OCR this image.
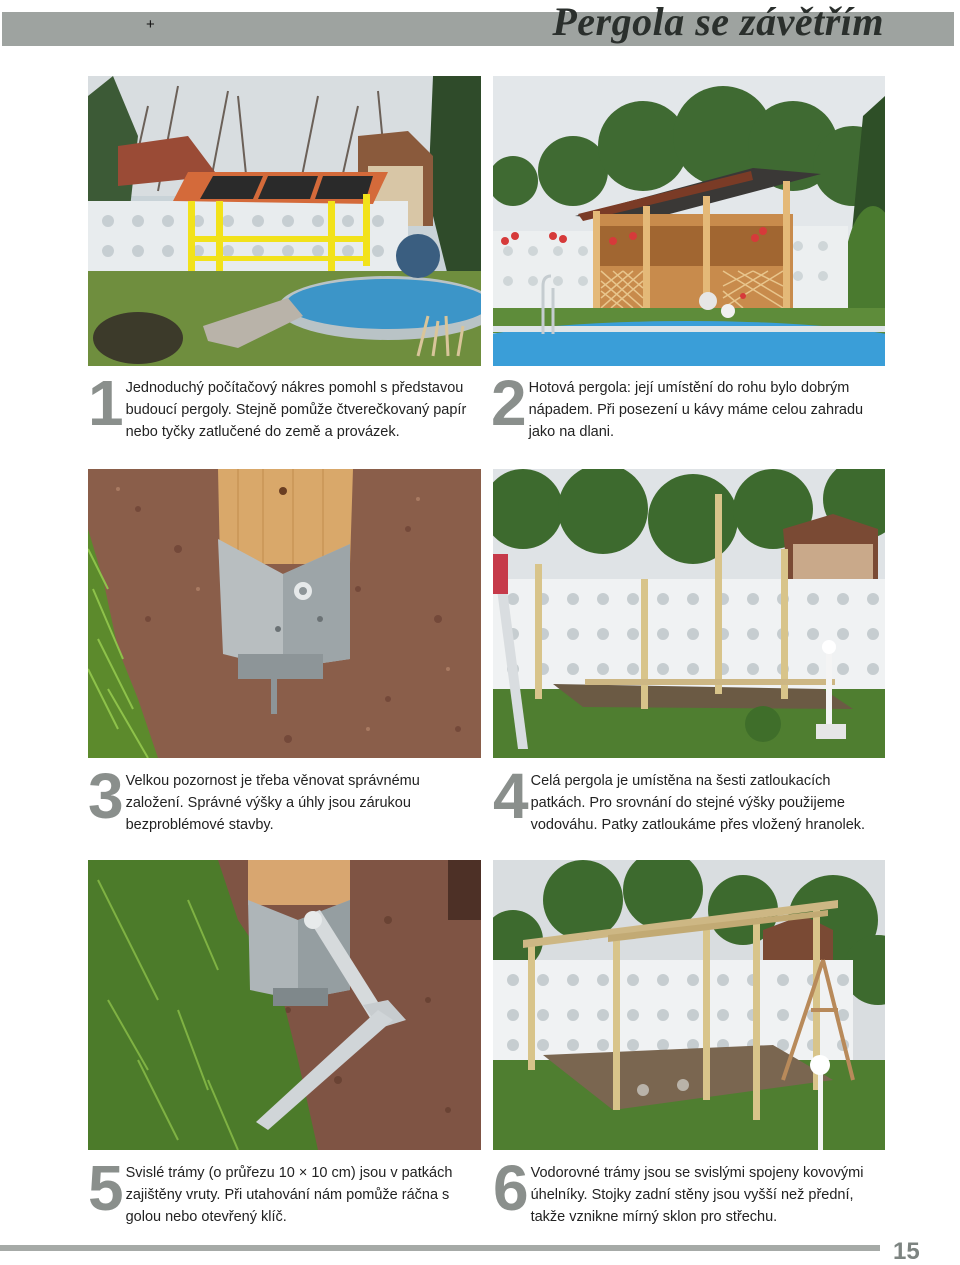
+	Pergola se závětřím
1 Jednoduchý počítačový nákres pomohl s představou budoucí pergoly. Stejně pomůže čtverečkovaný papír nebo tyčky zatlučené do země a provázek.	2 Hotová pergola: její umístění do rohu bylo dobrým nápadem. Při posezení u kávy máme celou zahradu jako na dlani.
3 Velkou pozornost je třeba věnovat správnému založení. Správné výšky a úhly jsou zárukou bezproblémové stavby.	4 Celá pergola je umístěna na šesti zatloukacích patkách. Pro srovnání do stejné výšky použijeme vodováhu. Patky zatloukáme přes vložený hranolek.
5 Svislé trámy (o průřezu 10 × 10 cm) jsou v patkách zajištěny vruty. Při utahování nám pomůže ráčna s golou nebo otevřený klíč.	6 Vodorovné trámy jsou se svislými spojeny kovovými úhelníky. Stojky zadní stěny jsou vyšší než přední, takže vznikne mírný sklon pro střechu.
15
